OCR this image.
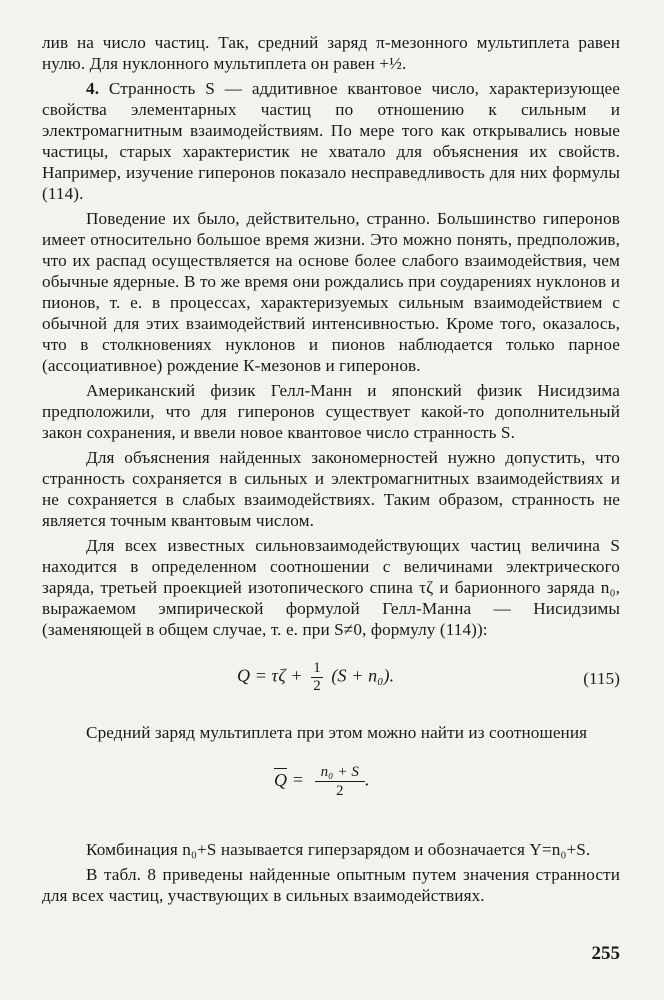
лив на число частиц. Так, средний заряд π-мезонного мультиплета равен нулю. Для нуклонного мультиплета он равен +½.

4. Странность S — аддитивное квантовое число, характеризующее свойства элементарных частиц по отношению к сильным и электромагнитным взаимодействиям. По мере того как открывались новые частицы, старых характеристик не хватало для объяснения их свойств. Например, изучение гиперонов показало несправедливость для них формулы (114).

Поведение их было, действительно, странно. Большинство гиперонов имеет относительно большое время жизни. Это можно понять, предположив, что их распад осуществляется на основе более слабого взаимодействия, чем обычные ядерные. В то же время они рождались при соударениях нуклонов и пионов, т. е. в процессах, характеризуемых сильным взаимодействием с обычной для этих взаимодействий интенсивностью. Кроме того, оказалось, что в столкновениях нуклонов и пионов наблюдается только парное (ассоциативное) рождение К-мезонов и гиперонов.

Американский физик Гелл-Манн и японский физик Нисидзима предположили, что для гиперонов существует какой-то дополнительный закон сохранения, и ввели новое квантовое число странность S.

Для объяснения найденных закономерностей нужно допустить, что странность сохраняется в сильных и электромагнитных взаимодействиях и не сохраняется в слабых взаимодействиях. Таким образом, странность не является точным квантовым числом.

Для всех известных сильновзаимодействующих частиц величина S находится в определенном соотношении с величинами электрического заряда, третьей проекцией изотопического спина τζ и барионного заряда n₀, выражаемом эмпирической формулой Гелл-Манна — Нисидзимы (заменяющей в общем случае, т. е. при S≠0, формулу (114)):

$Q = \tau\zeta + \frac{1}{2} (S + n_0)$.	(115)

Средний заряд мультиплета при этом можно найти из соотношения

$Q = \frac{\text{n₀ + S}}{2}$ .

Комбинация n₀+S называется гиперзарядом и обозначается Y=n₀+S.

В табл. 8 приведены найденные опытным путем значения странности для всех частиц, участвующих в сильных взаимодействиях.

255
